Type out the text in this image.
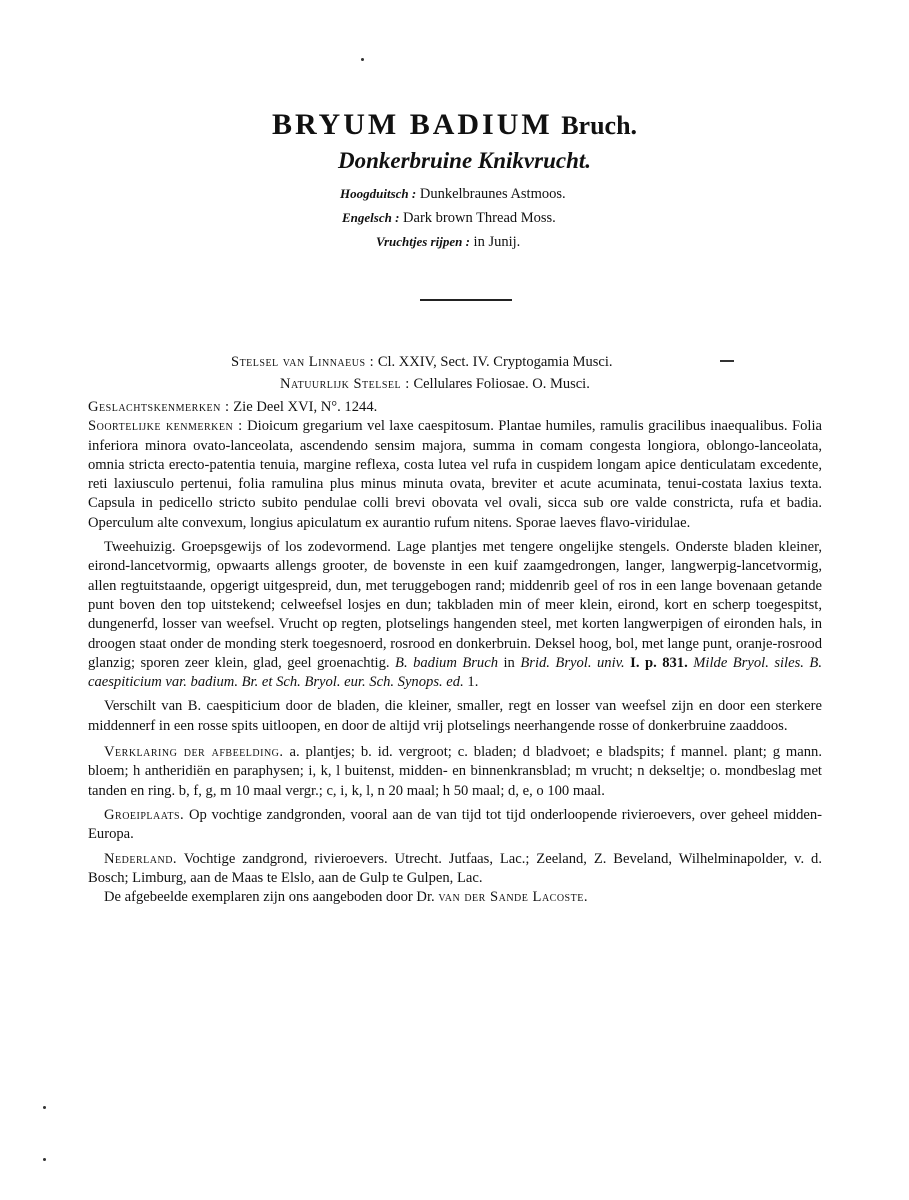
BRYUM BADIUM Bruch.
Donkerbruine Knikvrucht.
Hoogduitsch : Dunkelbraunes Astmoos.
Engelsch : Dark brown Thread Moss.
Vruchtjes rijpen : in Junij.
Stelsel van Linnaeus : Cl. XXIV, Sect. IV. Cryptogamia Musci.
Natuurlijk Stelsel : Cellulares Foliosae. O. Musci.

Geslachtskenmerken : Zie Deel XVI, N°. 1244.

Soortelijke kenmerken : Dioicum gregarium vel laxe caespitosum. Plantae humiles, ramulis gracilibus inaequalibus. Folia inferiora minora ovato-lanceolata, ascendendo sensim majora, summa in comam congesta longiora, oblongo-lanceolata, omnia stricta erecto-patentia tenuia, margine reflexa, costa lutea vel rufa in cuspidem longam apice denticulatam excedente, reti laxiusculo pertenui, folia ramulina plus minus minuta ovata, breviter et acute acuminata, tenui-costata laxius texta. Capsula in pedicello stricto subito pendulae colli brevi obovata vel ovali, sicca sub ore valde constricta, rufa et badia. Operculum alte convexum, longius apiculatum ex aurantio rufum nitens. Sporae laeves flavo-viridulae.

Tweehuizig. Groepsgewijs of los zodevormend. Lage plantjes met tengere ongelijke stengels. Onderste bladen kleiner, eirond-lancetvormig, opwaarts allengs grooter, de bovenste in een kuif zaamgedrongen, langer, langwerpig-lancetvormig, allen regtuitstaande, opgerigt uitgespreid, dun, met teruggebogen rand; middenrib geel of ros in een lange bovenaan getande punt boven den top uitstekend; celweefsel losjes en dun; takbladen min of meer klein, eirond, kort en scherp toegespitst, dungenerfd, losser van weefsel. Vrucht op regten, plotselings hangenden steel, met korten langwerpigen of eironden hals, in droogen staat onder de monding sterk toegesnoerd, rosrood en donkerbruin. Deksel hoog, bol, met lange punt, oranje-rosrood glanzig; sporen zeer klein, glad, geel groenachtig. B. badium Bruch in Brid. Bryol. univ. I. p. 831. Milde Bryol. siles. B. caespiticium var. badium. Br. et Sch. Bryol. eur. Sch. Synops. ed. 1.

Verschilt van B. caespiticium door de bladen, die kleiner, smaller, regt en losser van weefsel zijn en door een sterkere middennerf in een rosse spits uitloopen, en door de altijd vrij plotselings neerhangende rosse of donkerbruine zaaddoos.

Verklaring der afbeelding. a. plantjes; b. id. vergroot; c. bladen; d bladvoet; e bladspits; f mannel. plant; g mann. bloem; h antheridiën en paraphysen; i, k, l buitenst, midden- en binnenkransblad; m vrucht; n dekseltje; o. mondbeslag met tanden en ring. b, f, g, m 10 maal vergr.; c, i, k, l, n 20 maal; h 50 maal; d, e, o 100 maal.

Groeiplaats. Op vochtige zandgronden, vooral aan de van tijd tot tijd onderloopende rivieroevers, over geheel midden-Europa.

Nederland. Vochtige zandgrond, rivieroevers. Utrecht. Jutfaas, Lac.; Zeeland, Z. Beveland, Wilhelminapolder, v. d. Bosch; Limburg, aan de Maas te Elslo, aan de Gulp te Gulpen, Lac.

De afgebeelde exemplaren zijn ons aangeboden door Dr. van der Sande Lacoste.
